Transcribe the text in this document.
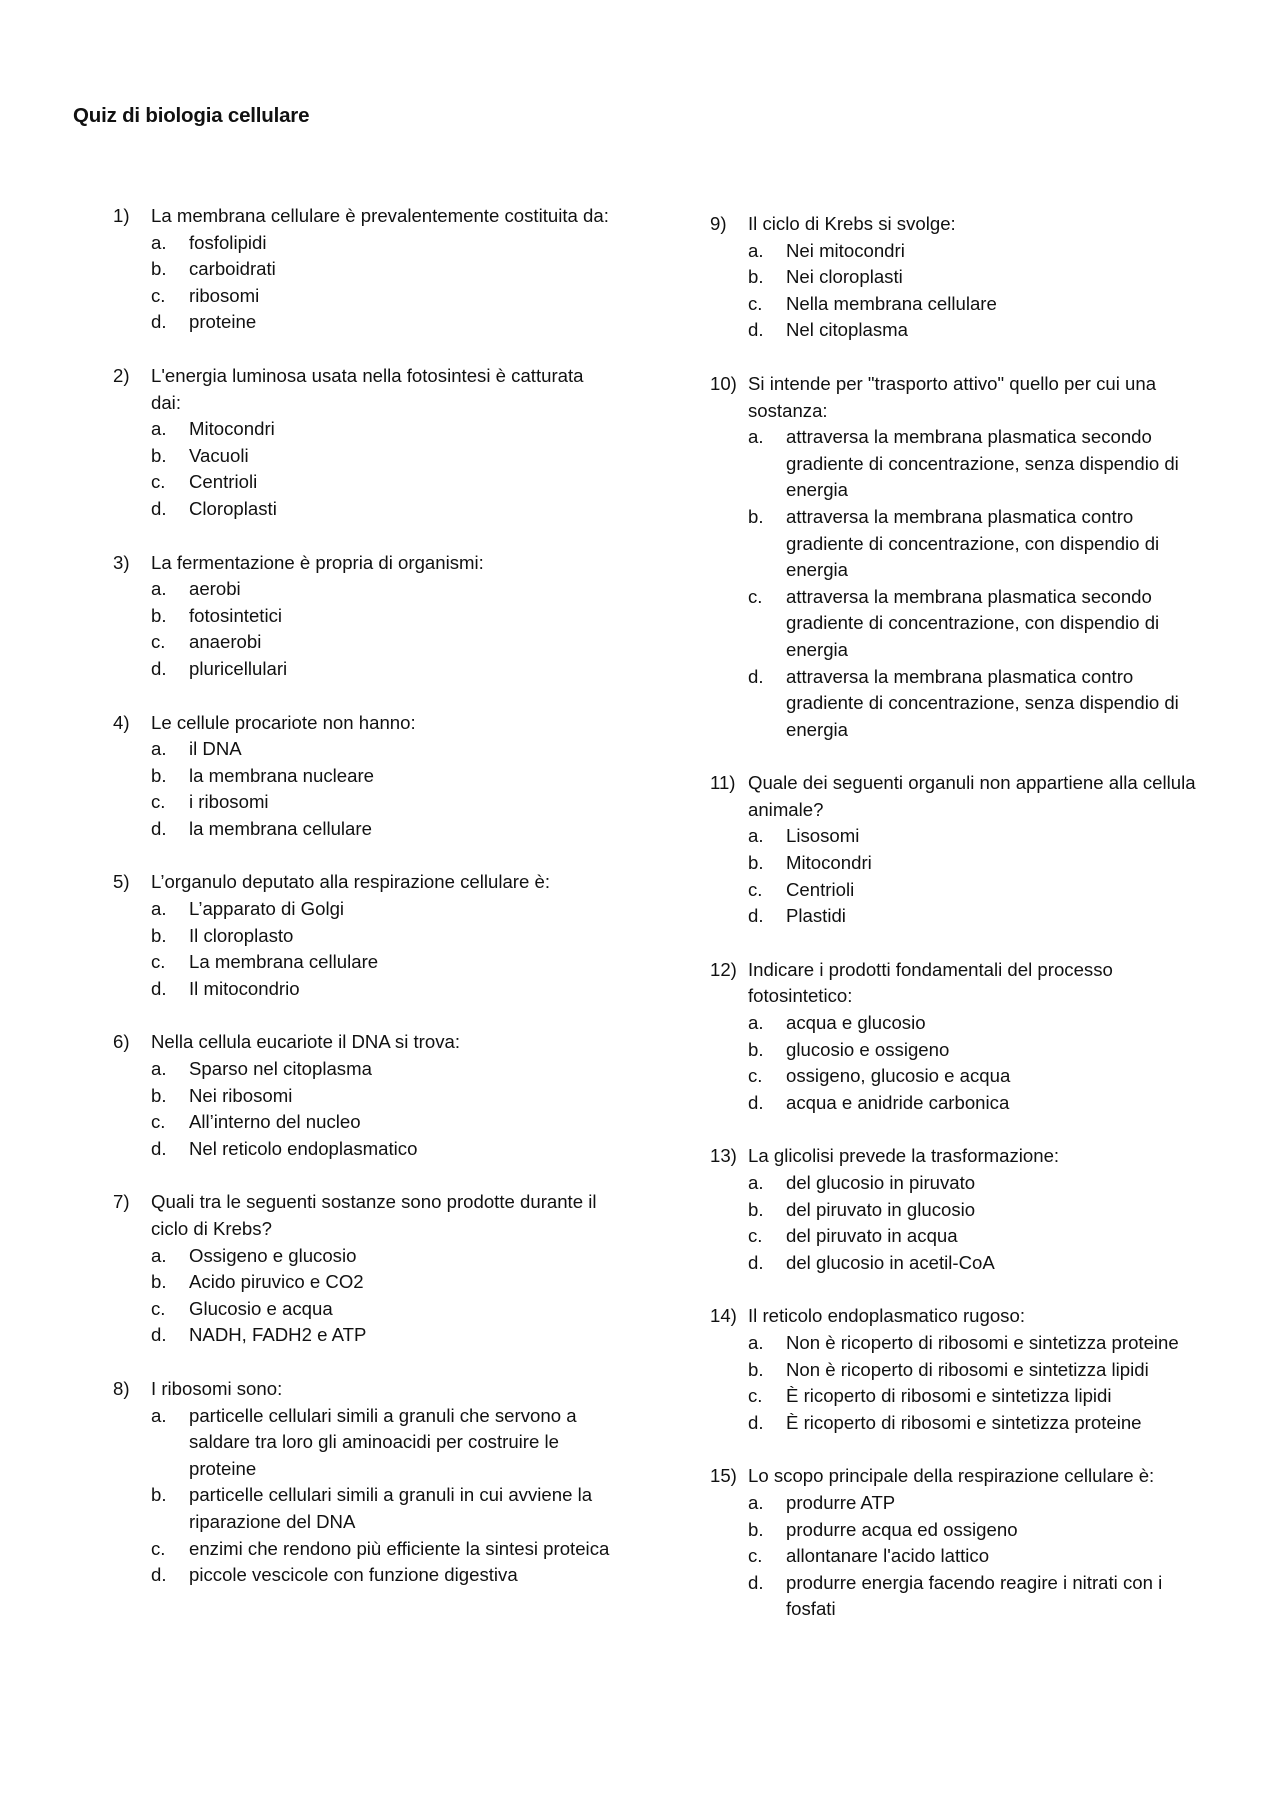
Quiz di biologia cellulare
1) La membrana cellulare è prevalentemente costituita da:
a. fosfolipidi
b. carboidrati
c. ribosomi
d. proteine
2) L'energia luminosa usata nella fotosintesi è catturata dai:
a. Mitocondri
b. Vacuoli
c. Centrioli
d. Cloroplasti
3) La fermentazione è propria di organismi:
a. aerobi
b. fotosintetici
c. anaerobi
d. pluricellulari
4) Le cellule procariote non hanno:
a. il DNA
b. la membrana nucleare
c. i ribosomi
d. la membrana cellulare
5) L’organulo deputato alla respirazione cellulare è:
a. L’apparato di Golgi
b. Il cloroplasto
c. La membrana cellulare
d. Il mitocondrio
6) Nella cellula eucariote il DNA si trova:
a. Sparso nel citoplasma
b. Nei ribosomi
c. All’interno del nucleo
d. Nel reticolo endoplasmatico
7) Quali tra le seguenti sostanze sono prodotte durante il ciclo di Krebs?
a. Ossigeno e glucosio
b. Acido piruvico e CO2
c. Glucosio e acqua
d. NADH, FADH2 e ATP
8) I ribosomi sono:
a. particelle cellulari simili a granuli che servono a saldare tra loro gli aminoacidi per costruire le proteine
b. particelle cellulari simili a granuli in cui avviene la riparazione del DNA
c. enzimi che rendono più efficiente la sintesi proteica
d. piccole vescicole con funzione digestiva
9) Il ciclo di Krebs si svolge:
a. Nei mitocondri
b. Nei cloroplasti
c. Nella membrana cellulare
d. Nel citoplasma
10) Si intende per "trasporto attivo" quello per cui una sostanza:
a. attraversa la membrana plasmatica secondo gradiente di concentrazione, senza dispendio di energia
b. attraversa la membrana plasmatica contro gradiente di concentrazione, con dispendio di energia
c. attraversa la membrana plasmatica secondo gradiente di concentrazione, con dispendio di energia
d. attraversa la membrana plasmatica contro gradiente di concentrazione, senza dispendio di energia
11) Quale dei seguenti organuli non appartiene alla cellula animale?
a. Lisosomi
b. Mitocondri
c. Centrioli
d. Plastidi
12) Indicare i prodotti fondamentali del processo fotosintetico:
a. acqua e glucosio
b. glucosio e ossigeno
c. ossigeno, glucosio e acqua
d. acqua e anidride carbonica
13) La glicolisi prevede la trasformazione:
a. del glucosio in piruvato
b. del piruvato in glucosio
c. del piruvato in acqua
d. del glucosio in acetil-CoA
14) Il reticolo endoplasmatico rugoso:
a. Non è ricoperto di ribosomi e sintetizza proteine
b. Non è ricoperto di ribosomi e sintetizza lipidi
c. È ricoperto di ribosomi e sintetizza lipidi
d. È ricoperto di ribosomi e sintetizza proteine
15) Lo scopo principale della respirazione cellulare è:
a. produrre ATP
b. produrre acqua ed ossigeno
c. allontanare l'acido lattico
d. produrre energia facendo reagire i nitrati con i fosfati
